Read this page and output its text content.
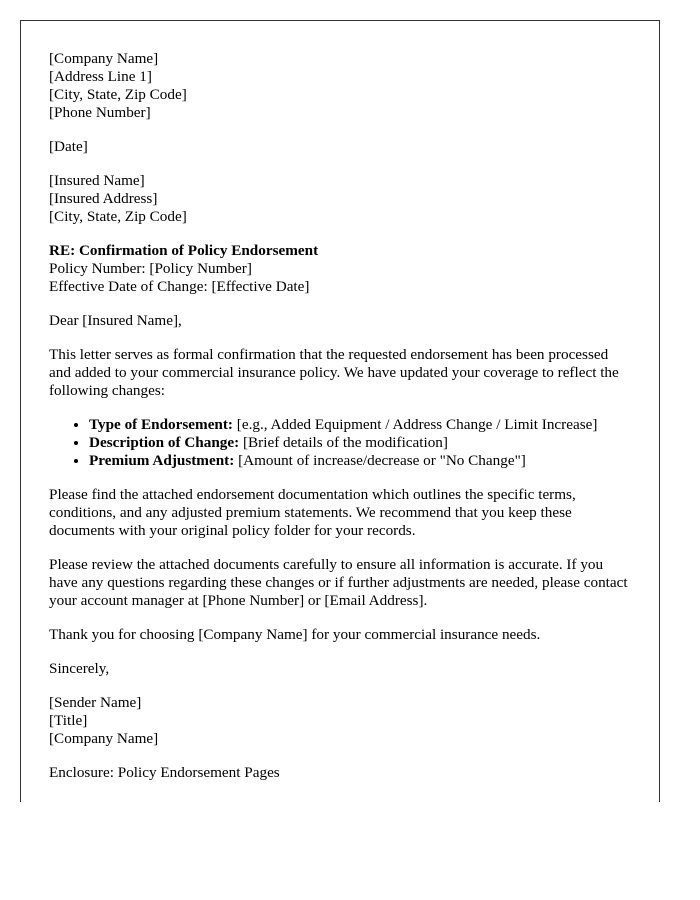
[Company Name]
[Address Line 1]
[City, State, Zip Code]
[Phone Number]

[Date]

[Insured Name]
[Insured Address]
[City, State, Zip Code]

RE: Confirmation of Policy Endorsement
Policy Number: [Policy Number]
Effective Date of Change: [Effective Date]

Dear [Insured Name],

This letter serves as formal confirmation that the requested endorsement has been processed and added to your commercial insurance policy. We have updated your coverage to reflect the following changes:

• Type of Endorsement: [e.g., Added Equipment / Address Change / Limit Increase]
• Description of Change: [Brief details of the modification]
• Premium Adjustment: [Amount of increase/decrease or "No Change"]

Please find the attached endorsement documentation which outlines the specific terms, conditions, and any adjusted premium statements. We recommend that you keep these documents with your original policy folder for your records.

Please review the attached documents carefully to ensure all information is accurate. If you have any questions regarding these changes or if further adjustments are needed, please contact your account manager at [Phone Number] or [Email Address].

Thank you for choosing [Company Name] for your commercial insurance needs.

Sincerely,

[Sender Name]
[Title]
[Company Name]

Enclosure: Policy Endorsement Pages
